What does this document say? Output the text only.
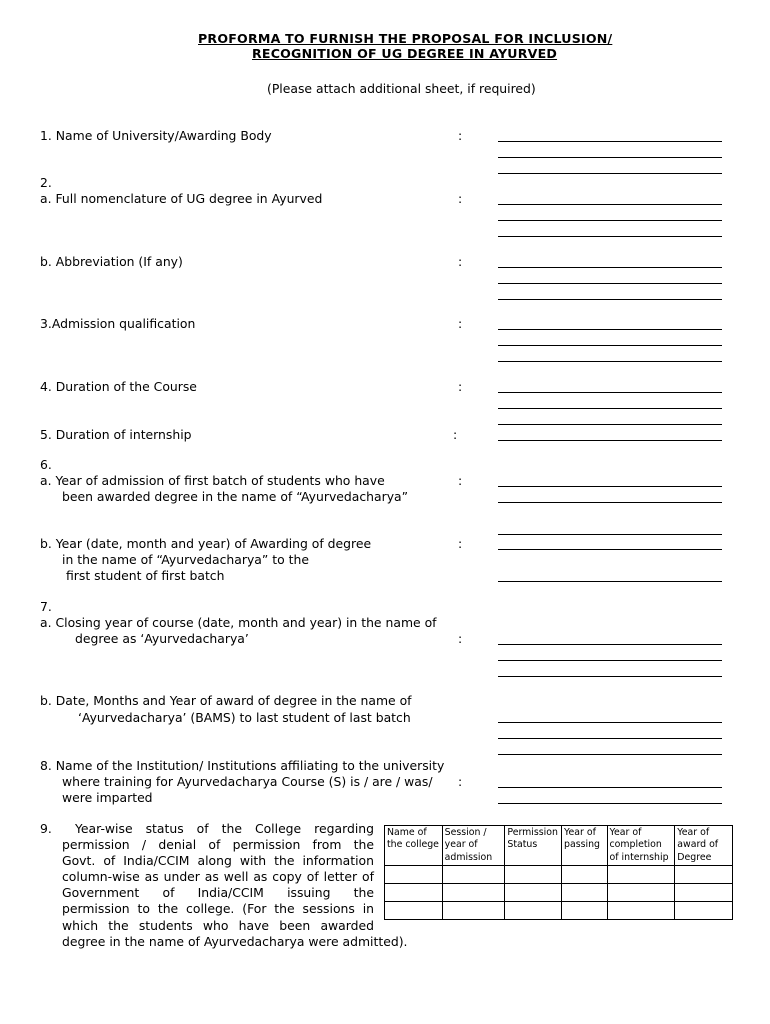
PROFORMA TO FURNISH THE PROPOSAL FOR INCLUSION/
RECOGNITION OF UG DEGREE IN AYURVED
(Please attach additional sheet, if required)
1. Name of University/Awarding Body	:
2.
a. Full nomenclature of UG degree in Ayurved	:
b. Abbreviation (If any)	:
3.Admission qualification	:
4. Duration of the Course	:
5. Duration of internship	:
6.
a. Year of admission of first batch of students who have
been awarded degree in the name of “Ayurvedacharya”
:
b. Year (date, month and year) of Awarding of degree
in the name of “Ayurvedacharya” to the
first student of first batch
:
7.
a. Closing year of course (date, month and year) in the name of
degree as ‘Ayurvedacharya’	:
b. Date, Months and Year of award of degree in the name of
‘Ayurvedacharya’ (BAMS) to last student of last batch
8. Name of the Institution/ Institutions affiliating to the university
where training for Ayurvedacharya Course (S) is / are / was/
were imparted
:
9.	Year-wise status of the College regarding
permission / denial of permission from the
Govt. of India/CCIM along with the information
column-wise as under as well as copy of letter of
Government of India/CCIM issuing the
permission to the college. (For the sessions in
which the students who have been awarded
degree in the name of Ayurvedacharya were admitted).
Name of the college	Session / year of admission	Permission Status	Year of passing	Year of completion of internship	Year of award of Degree
